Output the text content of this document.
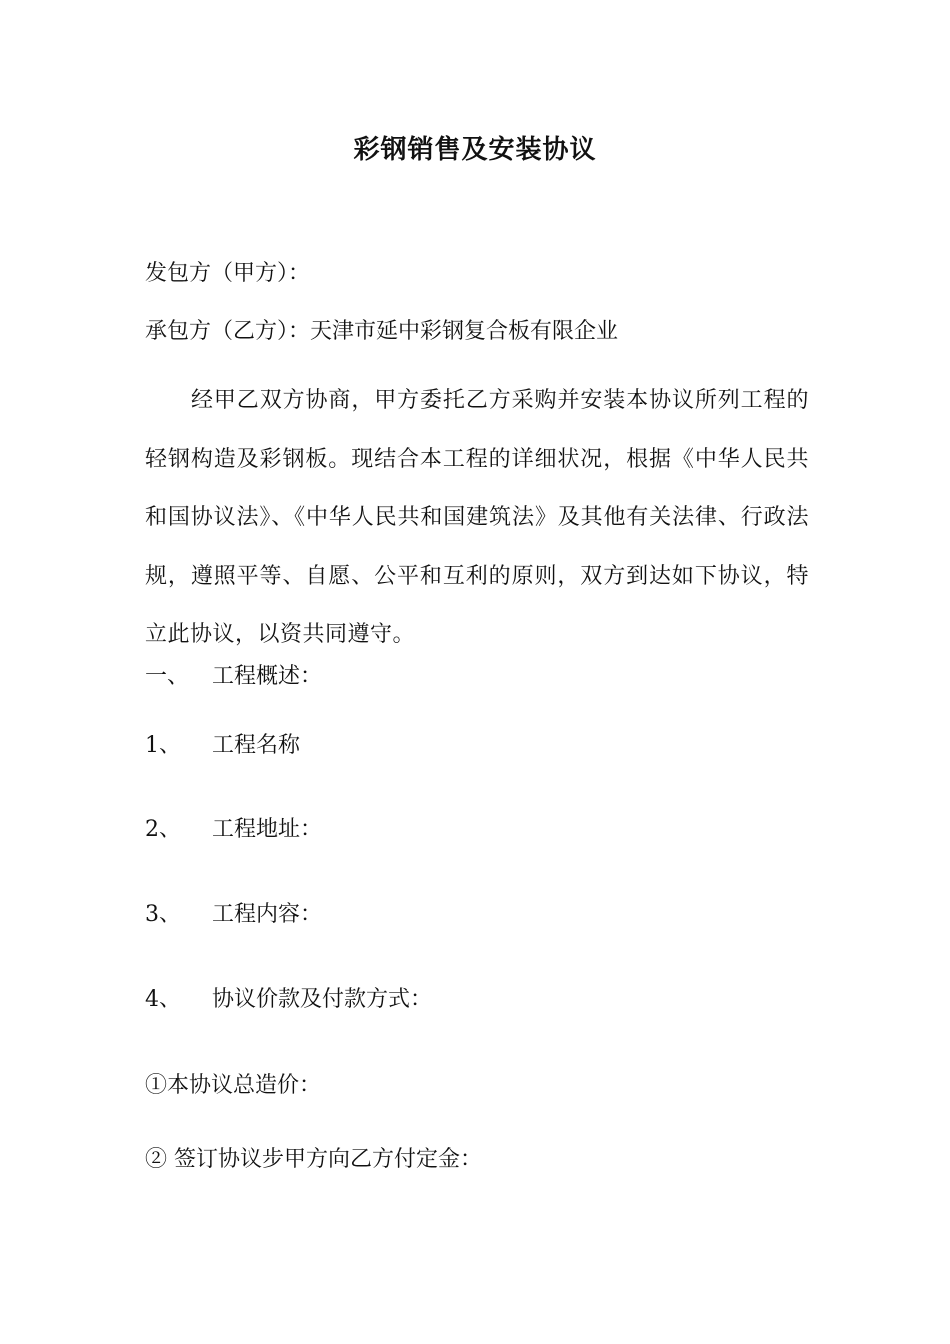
彩钢销售及安装协议
发包方（甲方）：
承包方（乙方）：天津市延中彩钢复合板有限企业
经甲乙双方协商，甲方委托乙方采购并安装本协议所列工程的轻钢构造及彩钢板。现结合本工程的详细状况，根据《中华人民共和国协议法》、《中华人民共和国建筑法》及其他有关法律、行政法规，遵照平等、自愿、公平和互利的原则，双方到达如下协议，特立此协议，以资共同遵守。
一、 工程概述：
1、 工程名称
2、 工程地址：
3、 工程内容：
4、 协议价款及付款方式：
①本协议总造价：
② 签订协议步甲方向乙方付定金：
